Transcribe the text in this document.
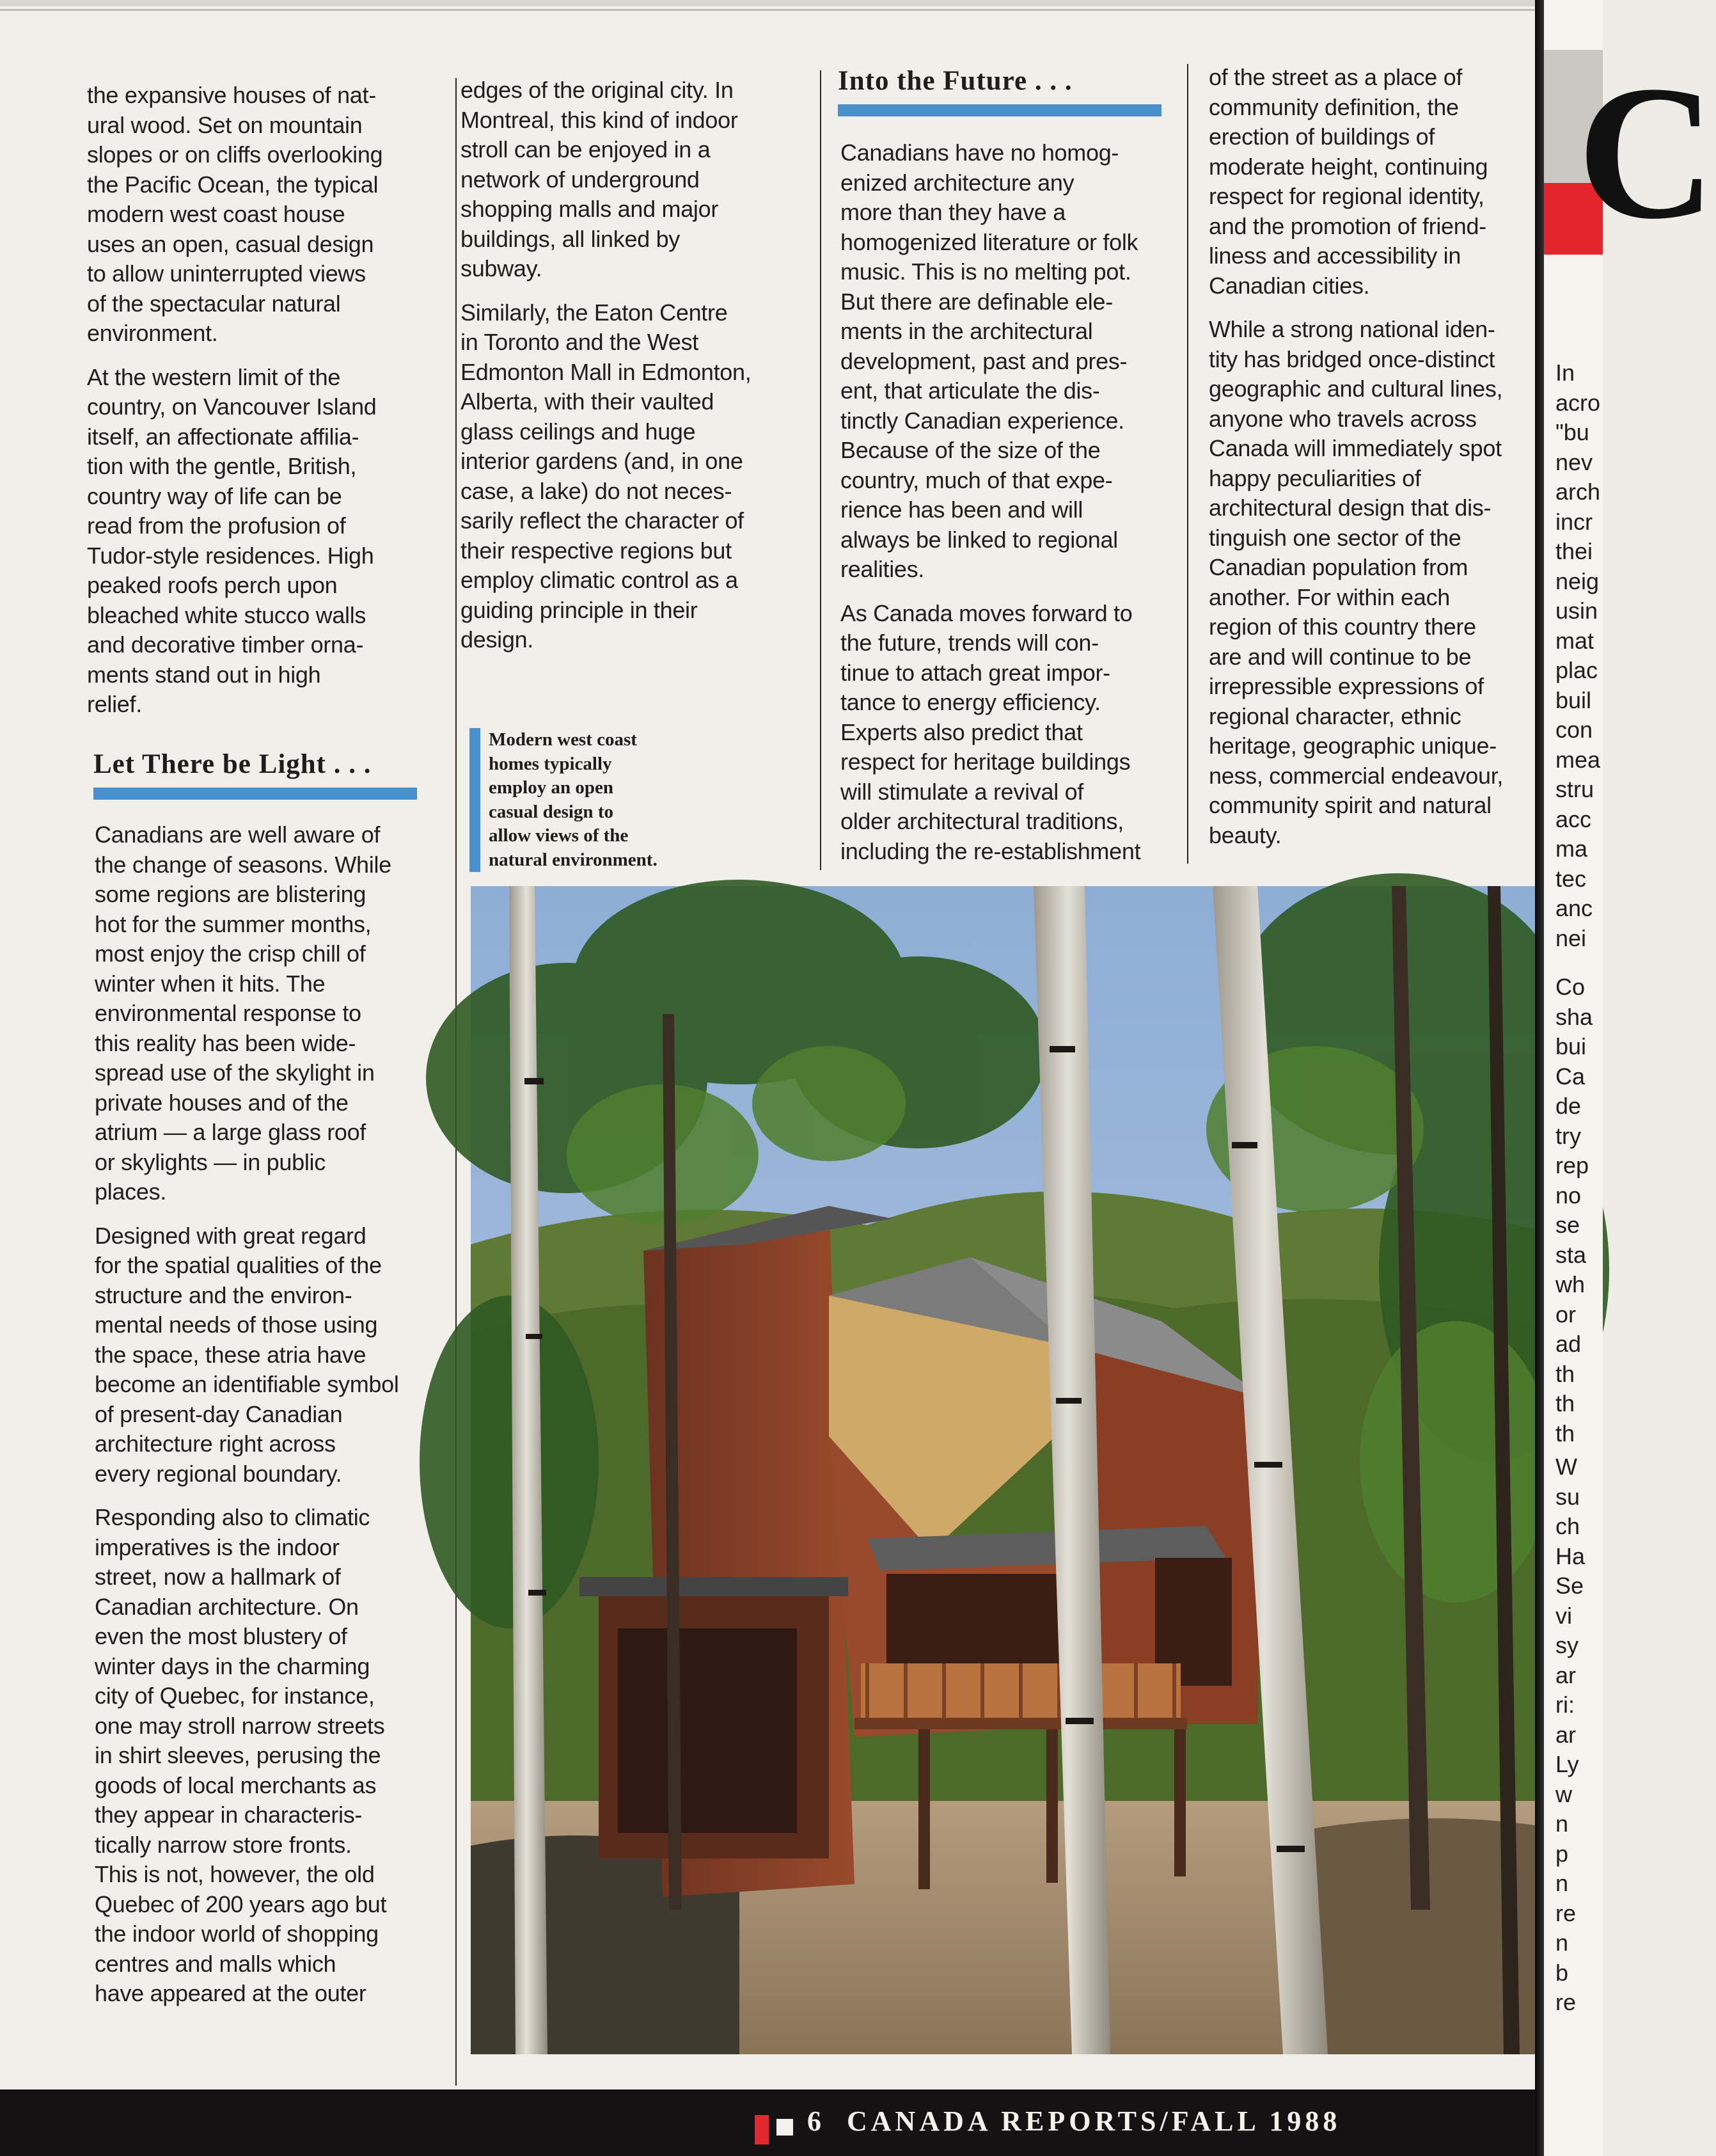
the expansive houses of nat-
ural wood. Set on mountain
slopes or on cliffs overlooking
the Pacific Ocean, the typical
modern west coast house
uses an open, casual design
to allow uninterrupted views
of the spectacular natural
environment.

At the western limit of the
country, on Vancouver Island
itself, an affectionate affilia-
tion with the gentle, British,
country way of life can be
read from the profusion of
Tudor-style residences. High
peaked roofs perch upon
bleached white stucco walls
and decorative timber orna-
ments stand out in high
relief.

Let There be Light . . .

Canadians are well aware of
the change of seasons. While
some regions are blistering
hot for the summer months,
most enjoy the crisp chill of
winter when it hits. The
environmental response to
this reality has been wide-
spread use of the skylight in
private houses and of the
atrium — a large glass roof
or skylights — in public
places.

Designed with great regard
for the spatial qualities of the
structure and the environ-
mental needs of those using
the space, these atria have
become an identifiable symbol
of present-day Canadian
architecture right across
every regional boundary.

Responding also to climatic
imperatives is the indoor
street, now a hallmark of
Canadian architecture. On
even the most blustery of
winter days in the charming
city of Quebec, for instance,
one may stroll narrow streets
in shirt sleeves, perusing the
goods of local merchants as
they appear in characteris-
tically narrow store fronts.
This is not, however, the old
Quebec of 200 years ago but
the indoor world of shopping
centres and malls which
have appeared at the outer

edges of the original city. In
Montreal, this kind of indoor
stroll can be enjoyed in a
network of underground
shopping malls and major
buildings, all linked by
subway.

Similarly, the Eaton Centre
in Toronto and the West
Edmonton Mall in Edmonton,
Alberta, with their vaulted
glass ceilings and huge
interior gardens (and, in one
case, a lake) do not neces-
sarily reflect the character of
their respective regions but
employ climatic control as a
guiding principle in their
design.

Modern west coast
homes typically
employ an open
casual design to
allow views of the
natural environment.
Into the Future . . .

Canadians have no homog-
enized architecture any
more than they have a
homogenized literature or folk
music. This is no melting pot.
But there are definable ele-
ments in the architectural
development, past and pres-
ent, that articulate the dis-
tinctly Canadian experience.
Because of the size of the
country, much of that expe-
rience has been and will
always be linked to regional
realities.

As Canada moves forward to
the future, trends will con-
tinue to attach great impor-
tance to energy efficiency.
Experts also predict that
respect for heritage buildings
will stimulate a revival of
older architectural traditions,
including the re-establishment

of the street as a place of
community definition, the
erection of buildings of
moderate height, continuing
respect for regional identity,
and the promotion of friend-
liness and accessibility in
Canadian cities.

While a strong national iden-
tity has bridged once-distinct
geographic and cultural lines,
anyone who travels across
Canada will immediately spot
happy peculiarities of
architectural design that dis-
tinguish one sector of the
Canadian population from
another. For within each
region of this country there
are and will continue to be
irrepressible expressions of
regional character, ethnic
heritage, geographic unique-
ness, commercial endeavour,
community spirit and natural
beauty.

6 CANADA REPORTS/FALL 1988
C
In
acro
"bu
nev
arch
incr
thei
neig
usin
mat
plac
buil
con
mea
stru
acc
ma
tec
anc
nei
Co
sha
bui
Ca
de
try
rep
no
se
sta
wh
or
ad
th
th
th
W
su
ch
Ha
Se
vi
sy
ar
ri:
ar
Ly
w
n
p
n
re
n
b
re
